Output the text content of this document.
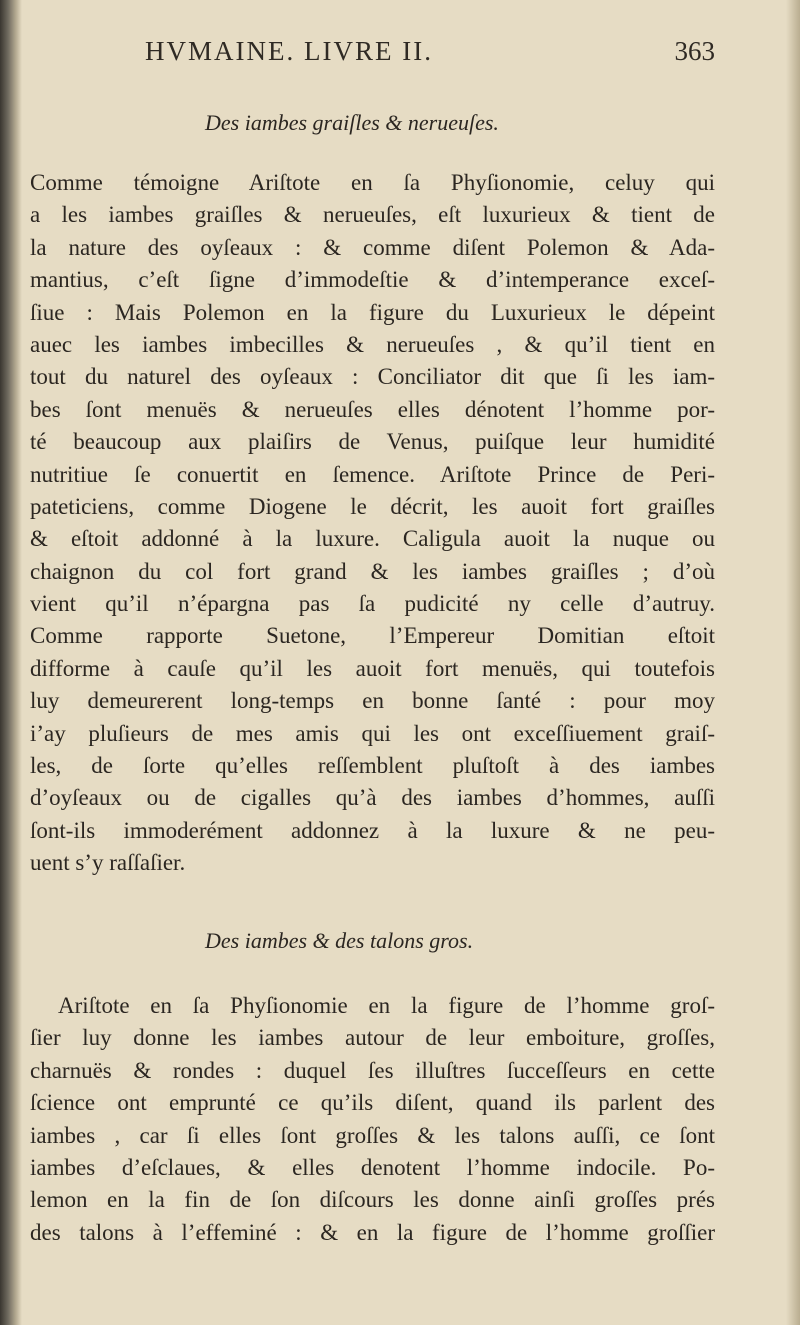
HVMAINE. LIVRE II.	363
Des iambes graiſles & nerueuſes.
Comme témoigne Ariſtote en ſa Phyſionomie, celuy qui
a les iambes graiſles & nerueuſes, eſt luxurieux & tient de
la nature des oyſeaux : & comme diſent Polemon & Ada-
mantius, c’eſt ſigne d’immodeſtie & d’intemperance exceſ-
ſiue : Mais Polemon en la figure du Luxurieux le dépeint
auec les iambes imbecilles & nerueuſes , & qu’il tient en
tout du naturel des oyſeaux : Conciliator dit que ſi les iam-
bes ſont menuës & nerueuſes elles dénotent l’homme por-
té beaucoup aux plaiſirs de Venus, puiſque leur humidité
nutritiue ſe conuertit en ſemence. Ariſtote Prince de Peri-
pateticiens, comme Diogene le décrit, les auoit fort graiſles
& eſtoit addonné à la luxure. Caligula auoit la nuque ou
chaignon du col fort grand & les iambes graiſles ; d’où
vient qu’il n’épargna pas ſa pudicité ny celle d’autruy.
Comme rapporte Suetone, l’Empereur Domitian eſtoit
difforme à cauſe qu’il les auoit fort menuës, qui toutefois
luy demeurerent long-temps en bonne ſanté : pour moy
i’ay pluſieurs de mes amis qui les ont exceſſiuement graiſ-
les, de ſorte qu’elles reſſemblent pluſtoſt à des iambes
d’oyſeaux ou de cigalles qu’à des iambes d’hommes, auſſi
ſont-ils immoderément addonnez à la luxure & ne peu-
uent s’y raſſaſier.
Des iambes & des talons gros.
Ariſtote en ſa Phyſionomie en la figure de l’homme groſ-
ſier luy donne les iambes autour de leur emboiture, groſſes,
charnuës & rondes : duquel ſes illuſtres ſucceſſeurs en cette
ſcience ont emprunté ce qu’ils diſent, quand ils parlent des
iambes , car ſi elles ſont groſſes & les talons auſſi, ce ſont
iambes d’eſclaues, & elles denotent l’homme indocile. Po-
lemon en la fin de ſon diſcours les donne ainſi groſſes prés
des talons à l’effeminé : & en la figure de l’homme groſſier
